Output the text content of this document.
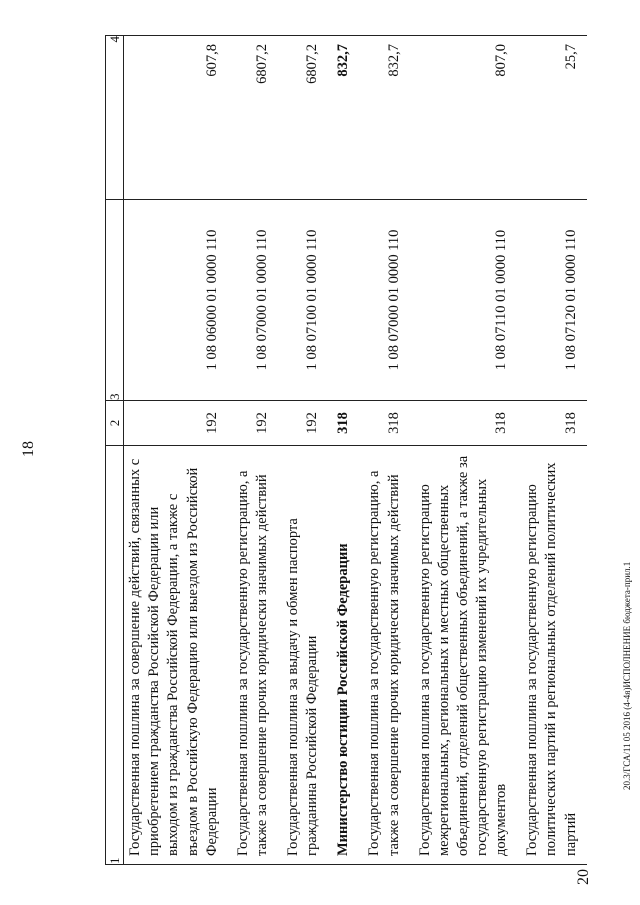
18
1	2	3	4
Государственная пошлина за совершение действий, связанных с приобретением гражданства Российской Федерации или выходом из гражданства Российской Федерации, а также с въездом в Российскую Федерацию или выездом из Российской Федерации	192	1 08 06000 01 0000 110	607,8
Государственная пошлина за государственную регистрацию, а также за совершение прочих юридически значимых действий	192	1 08 07000 01 0000 110	6807,2
Государственная пошлина за выдачу и обмен паспорта гражданина Российской Федерации	192	1 08 07100 01 0000 110	6807,2
Министерство юстиции Российской Федерации	318		832,7
Государственная пошлина за государственную регистрацию, а также за совершение прочих юридически значимых действий	318	1 08 07000 01 0000 110	832,7
Государственная пошлина за государственную регистрацию межрегиональных, региональных и местных общественных объединений, отделений общественных объединений, а также за государственную регистрацию изменений их учредительных документов	318	1 08 07110 01 0000 110	807,0
Государственная пошлина за государственную регистрацию политических партий и региональных отделений политических партий	318	1 08 07120 01 0000 110	25,7
20.3/ГСА/11 05 2016 (4-4я)ИСПОЛНЕНИЕ бюджета-прил.1
20
